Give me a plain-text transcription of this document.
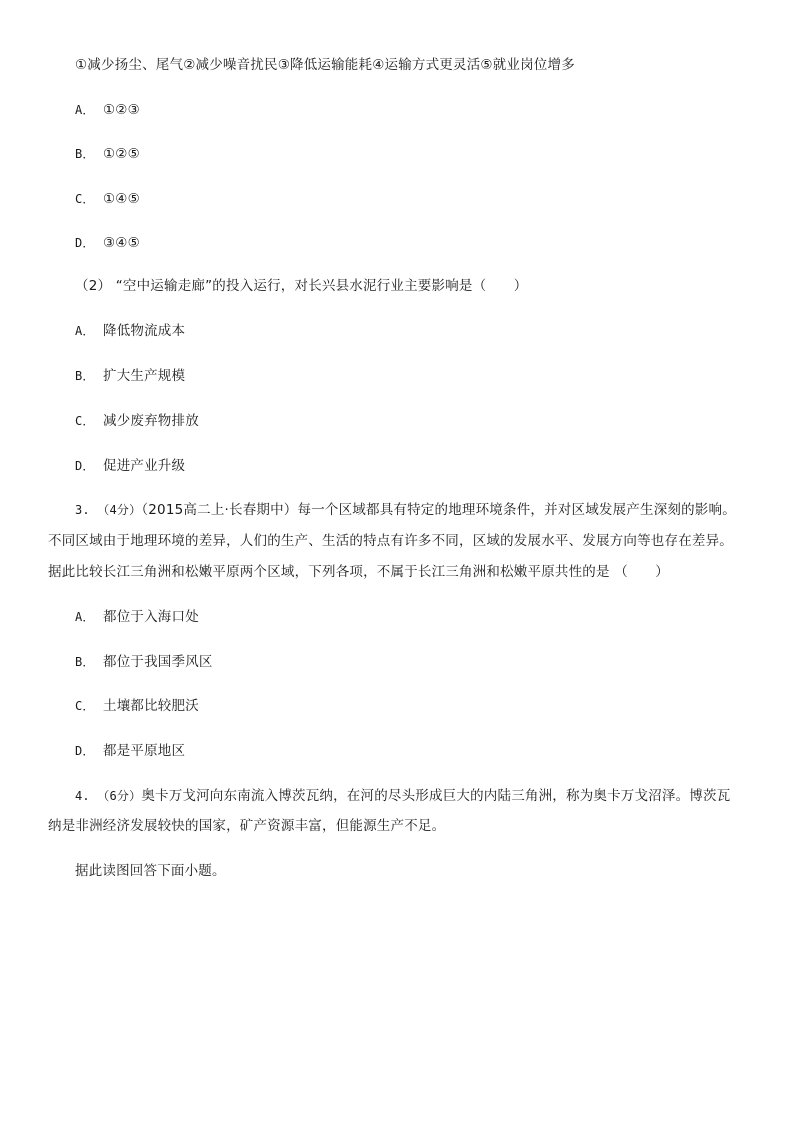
①减少扬尘、尾气②减少噪音扰民③降低运输能耗④运输方式更灵活⑤就业岗位增多
A． ①②③
B． ①②⑤
C． ①④⑤
D． ③④⑤
（2） “空中运输走廊”的投入运行，对长兴县水泥行业主要影响是（　　）
A． 降低物流成本
B． 扩大生产规模
C． 减少废弃物排放
D． 促进产业升级
3. （4分）（2015高二上·长春期中）每一个区域都具有特定的地理环境条件，并对区域发展产生深刻的影响。
不同区域由于地理环境的差异，人们的生产、生活的特点有许多不同，区域的发展水平、发展方向等也存在差异。
据此比较长江三角洲和松嫩平原两个区域，下列各项，不属于长江三角洲和松嫩平原共性的是 （　　）
A． 都位于入海口处
B． 都位于我国季风区
C． 土壤都比较肥沃
D． 都是平原地区
4. （6分）奥卡万戈河向东南流入博茨瓦纳，在河的尽头形成巨大的内陆三角洲，称为奥卡万戈沼泽。博茨瓦
纳是非洲经济发展较快的国家，矿产资源丰富，但能源生产不足。
据此读图回答下面小题。
